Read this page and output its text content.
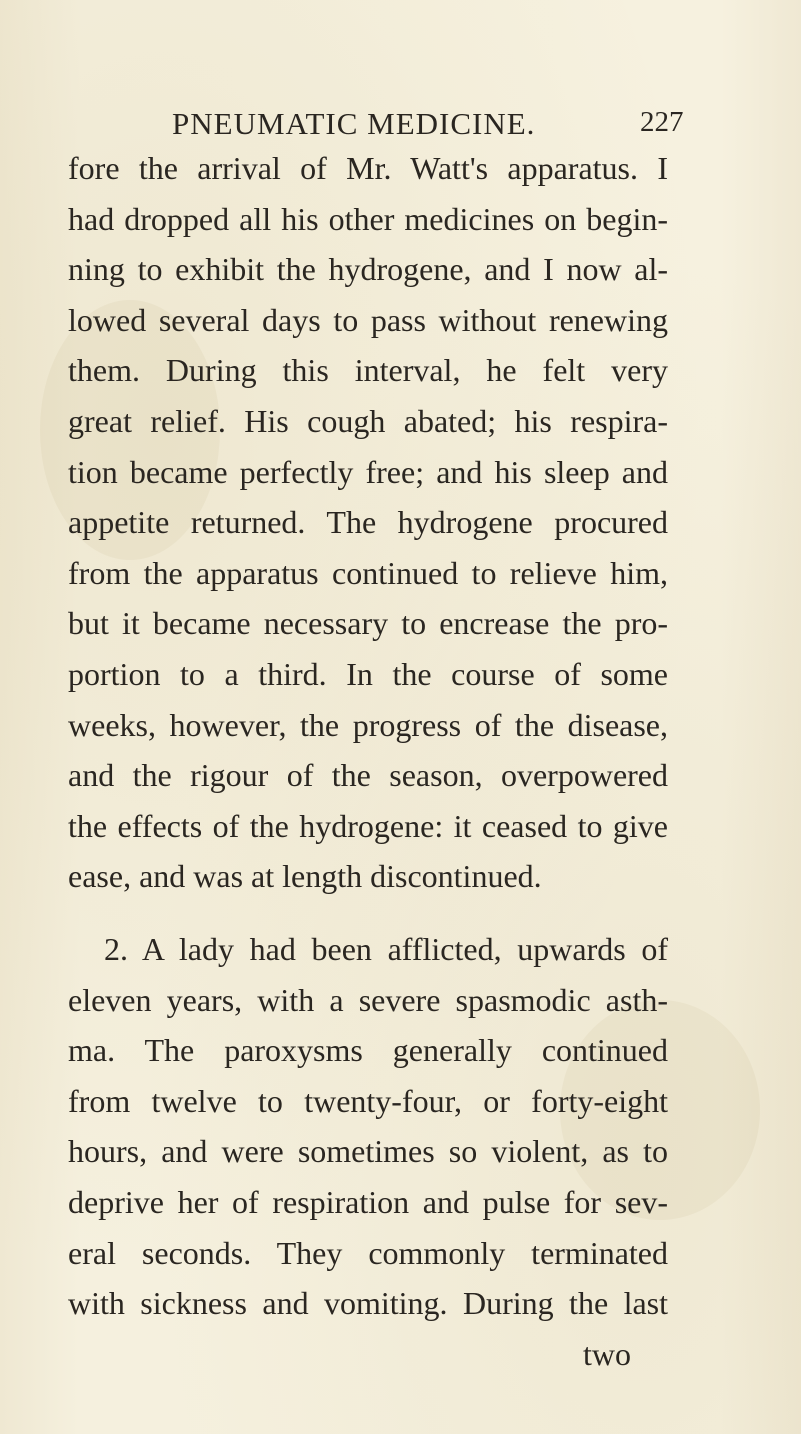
PNEUMATIC MEDICINE.	227
fore the arrival of Mr. Watt's apparatus. I
had dropped all his other medicines on begin-
ning to exhibit the hydrogene, and I now al-
lowed several days to pass without renewing
them. During this interval, he felt very
great relief. His cough abated; his respira-
tion became perfectly free; and his sleep and
appetite returned. The hydrogene procured
from the apparatus continued to relieve him,
but it became necessary to encrease the pro-
portion to a third. In the course of some
weeks, however, the progress of the disease,
and the rigour of the season, overpowered
the effects of the hydrogene: it ceased to give
ease, and was at length discontinued.
2. A lady had been afflicted, upwards of
eleven years, with a severe spasmodic asth-
ma. The paroxysms generally continued
from twelve to twenty-four, or forty-eight
hours, and were sometimes so violent, as to
deprive her of respiration and pulse for sev-
eral seconds. They commonly terminated
with sickness and vomiting. During the last
two
